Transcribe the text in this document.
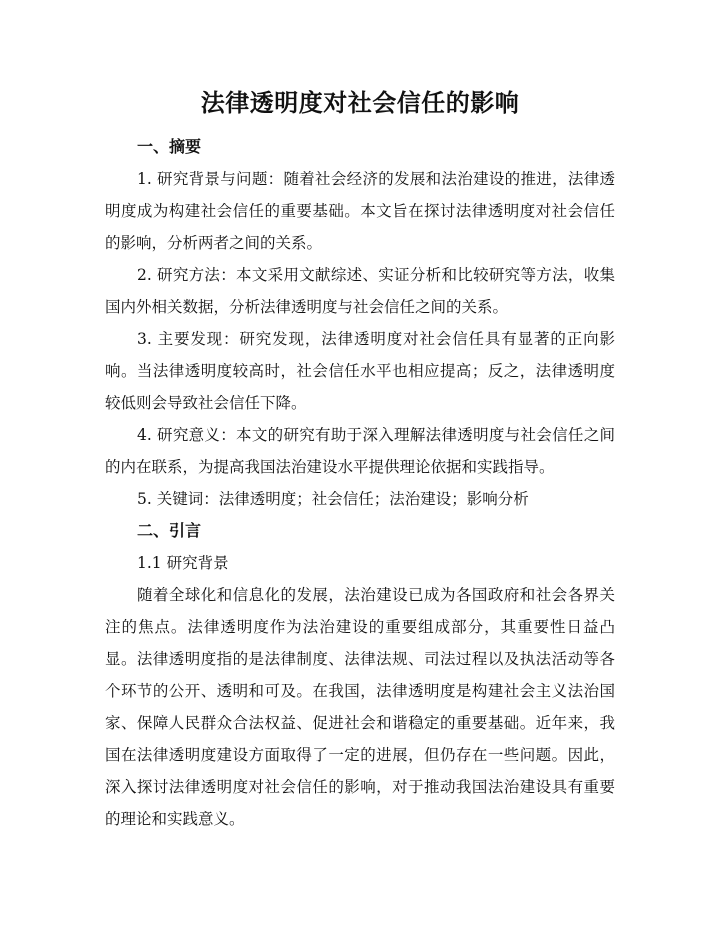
法律透明度对社会信任的影响
一、摘要

1. 研究背景与问题：随着社会经济的发展和法治建设的推进，法律透明度成为构建社会信任的重要基础。本文旨在探讨法律透明度对社会信任的影响，分析两者之间的关系。

2. 研究方法：本文采用文献综述、实证分析和比较研究等方法，收集国内外相关数据，分析法律透明度与社会信任之间的关系。

3. 主要发现：研究发现，法律透明度对社会信任具有显著的正向影响。当法律透明度较高时，社会信任水平也相应提高；反之，法律透明度较低则会导致社会信任下降。

4. 研究意义：本文的研究有助于深入理解法律透明度与社会信任之间的内在联系，为提高我国法治建设水平提供理论依据和实践指导。

5. 关键词：法律透明度；社会信任；法治建设；影响分析

二、引言

1.1 研究背景

随着全球化和信息化的发展，法治建设已成为各国政府和社会各界关注的焦点。法律透明度作为法治建设的重要组成部分，其重要性日益凸显。法律透明度指的是法律制度、法律法规、司法过程以及执法活动等各个环节的公开、透明和可及。在我国，法律透明度是构建社会主义法治国家、保障人民群众合法权益、促进社会和谐稳定的重要基础。近年来，我国在法律透明度建设方面取得了一定的进展，但仍存在一些问题。因此，深入探讨法律透明度对社会信任的影响，对于推动我国法治建设具有重要的理论和实践意义。
